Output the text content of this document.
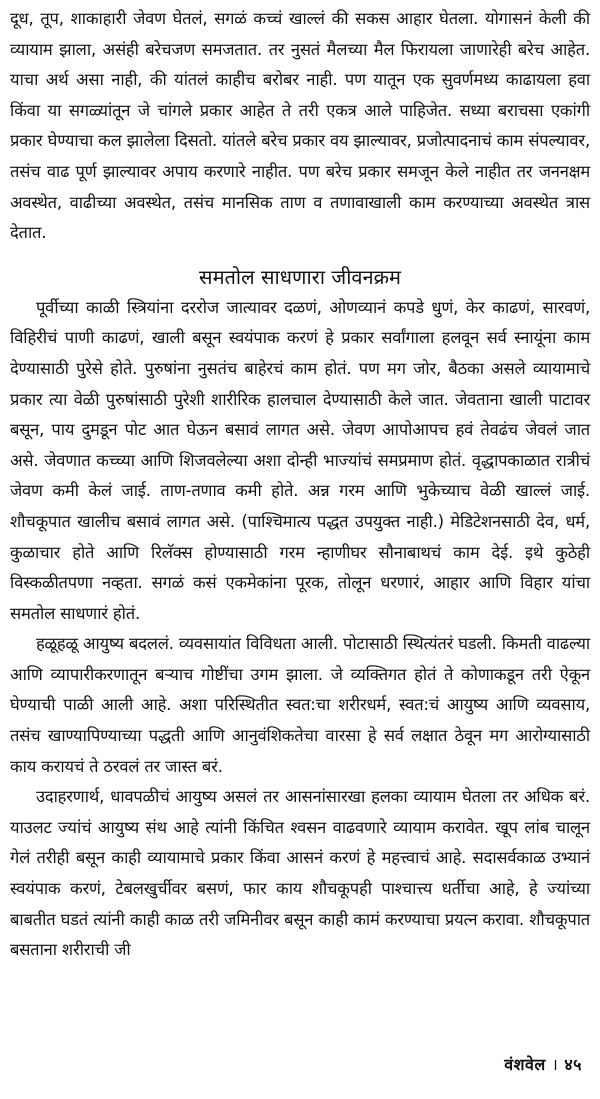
दूध, तूप, शाकाहारी जेवण घेतलं, सगळं कच्चं खाल्लं की सकस आहार घेतला. योगासनं केली की व्यायाम झाला, असंही बरेचजण समजतात. तर नुसतं मैलच्या मैल फिरायला जाणारेही बरेच आहेत. याचा अर्थ असा नाही, की यांतलं काहीच बरोबर नाही. पण यातून एक सुवर्णमध्य काढायला हवा किंवा या सगळ्यांतून जे चांगले प्रकार आहेत ते तरी एकत्र आले पाहिजेत. सध्या बराचसा एकांगी प्रकार घेण्याचा कल झालेला दिसतो. यांतले बरेच प्रकार वय झाल्यावर, प्रजोत्पादनाचं काम संपल्यावर, तसंच वाढ पूर्ण झाल्यावर अपाय करणारे नाहीत. पण बरेच प्रकार समजून केले नाहीत तर जननक्षम अवस्थेत, वाढीच्या अवस्थेत, तसंच मानसिक ताण व तणावाखाली काम करण्याच्या अवस्थेत त्रास देतात.

समतोल साधणारा जीवनक्रम

पूर्वीच्या काळी स्त्रियांना दररोज जात्यावर दळणं, ओणव्यानं कपडे धुणं, केर काढणं, सारवणं, विहिरीचं पाणी काढणं, खाली बसून स्वयंपाक करणं हे प्रकार सर्वांगाला हलवून सर्व स्नायूंना काम देण्यासाठी पुरेसे होते. पुरुषांना नुसतंच बाहेरचं काम होतं. पण मग जोर, बैठका असले व्यायामाचे प्रकार त्या वेळी पुरुषांसाठी पुरेशी शारीरिक हालचाल देण्यासाठी केले जात. जेवताना खाली पाटावर बसून, पाय दुमडून पोट आत घेऊन बसावं लागत असे. जेवण आपोआपच हवं तेवढंच जेवलं जात असे. जेवणात कच्च्या आणि शिजवलेल्या अशा दोन्ही भाज्यांचं समप्रमाण होतं. वृद्धापकाळात रात्रीचं जेवण कमी केलं जाई. ताण-तणाव कमी होते. अन्न गरम आणि भुकेच्याच वेळी खाल्लं जाई. शौचकूपात खालीच बसावं लागत असे. (पाश्चिमात्य पद्धत उपयुक्त नाही.) मेडिटेशनसाठी देव, धर्म, कुळाचार होते आणि रिलॅक्स होण्यासाठी गरम न्हाणीघर सौनाबाथचं काम देई. इथे कुठेही विस्कळीतपणा नव्हता. सगळं कसं एकमेकांना पूरक, तोलून धरणारं, आहार आणि विहार यांचा समतोल साधणारं होतं.

हळूहळू आयुष्य बदललं. व्यवसायांत विविधता आली. पोटासाठी स्थित्यंतरं घडली. किमती वाढल्या आणि व्यापारीकरणातून बऱ्याच गोष्टींचा उगम झाला. जे व्यक्तिगत होतं ते कोणाकडून तरी ऐकून घेण्याची पाळी आली आहे. अशा परिस्थितीत स्वत:चा शरीरधर्म, स्वत:चं आयुष्य आणि व्यवसाय, तसंच खाण्यापिण्याच्या पद्धती आणि आनुवंशिकतेचा वारसा हे सर्व लक्षात ठेवून मग आरोग्यासाठी काय करायचं ते ठरवलं तर जास्त बरं.

उदाहरणार्थ, धावपळीचं आयुष्य असलं तर आसनांसारखा हलका व्यायाम घेतला तर अधिक बरं. याउलट ज्यांचं आयुष्य संथ आहे त्यांनी किंचित श्वसन वाढवणारे व्यायाम करावेत. खूप लांब चालून गेलं तरीही बसून काही व्यायामाचे प्रकार किंवा आसनं करणं हे महत्त्वाचं आहे. सदासर्वकाळ उभ्यानं स्वयंपाक करणं, टेबलखुर्चीवर बसणं, फार काय शौचकूपही पाश्चात्त्य धर्तीचा आहे, हे ज्यांच्या बाबतीत घडतं त्यांनी काही काळ तरी जमिनीवर बसून काही कामं करण्याचा प्रयत्न करावा. शौचकूपात बसताना शरीराची जी

वंशवेल । ४५
